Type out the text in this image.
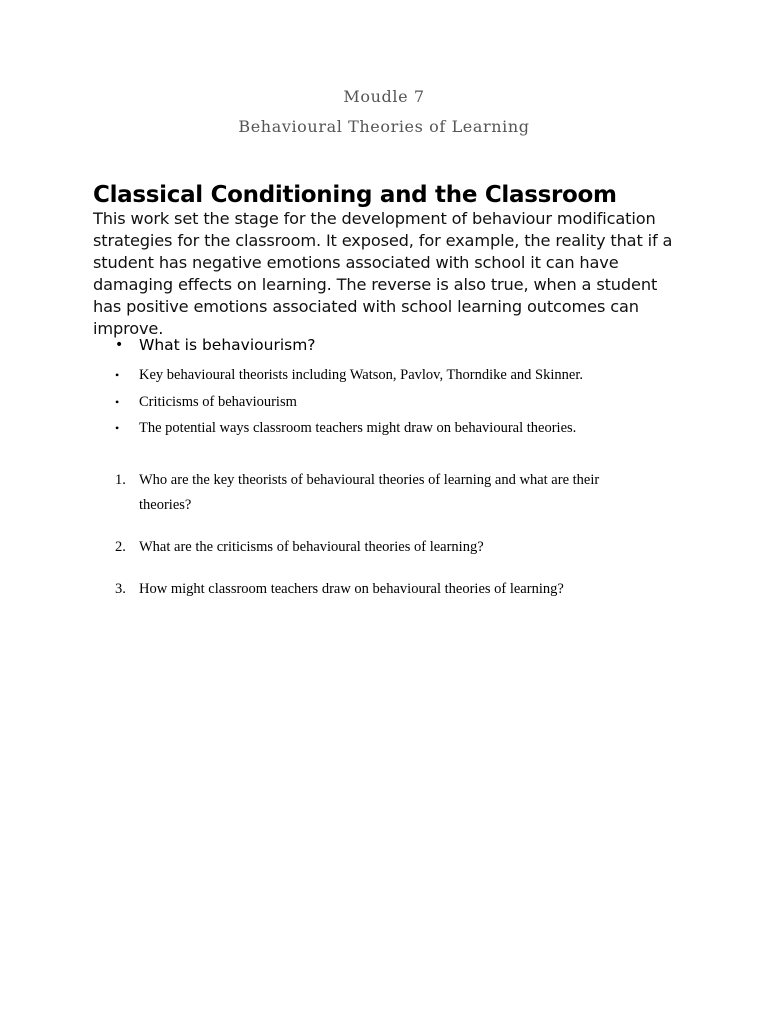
Moudle 7

Behavioural Theories of Learning

Classical Conditioning and the Classroom

This work set the stage for the development of behaviour modification strategies for the classroom. It exposed, for example, the reality that if a student has negative emotions associated with school it can have damaging effects on learning. The reverse is also true, when a student has positive emotions associated with school learning outcomes can improve.

• What is behaviourism?
• Key behavioural theorists including Watson, Pavlov, Thorndike and Skinner.
• Criticisms of behaviourism
• The potential ways classroom teachers might draw on behavioural theories.
1. Who are the key theorists of behavioural theories of learning and what are their theories?
2. What are the criticisms of behavioural theories of learning?
3. How might classroom teachers draw on behavioural theories of learning?
